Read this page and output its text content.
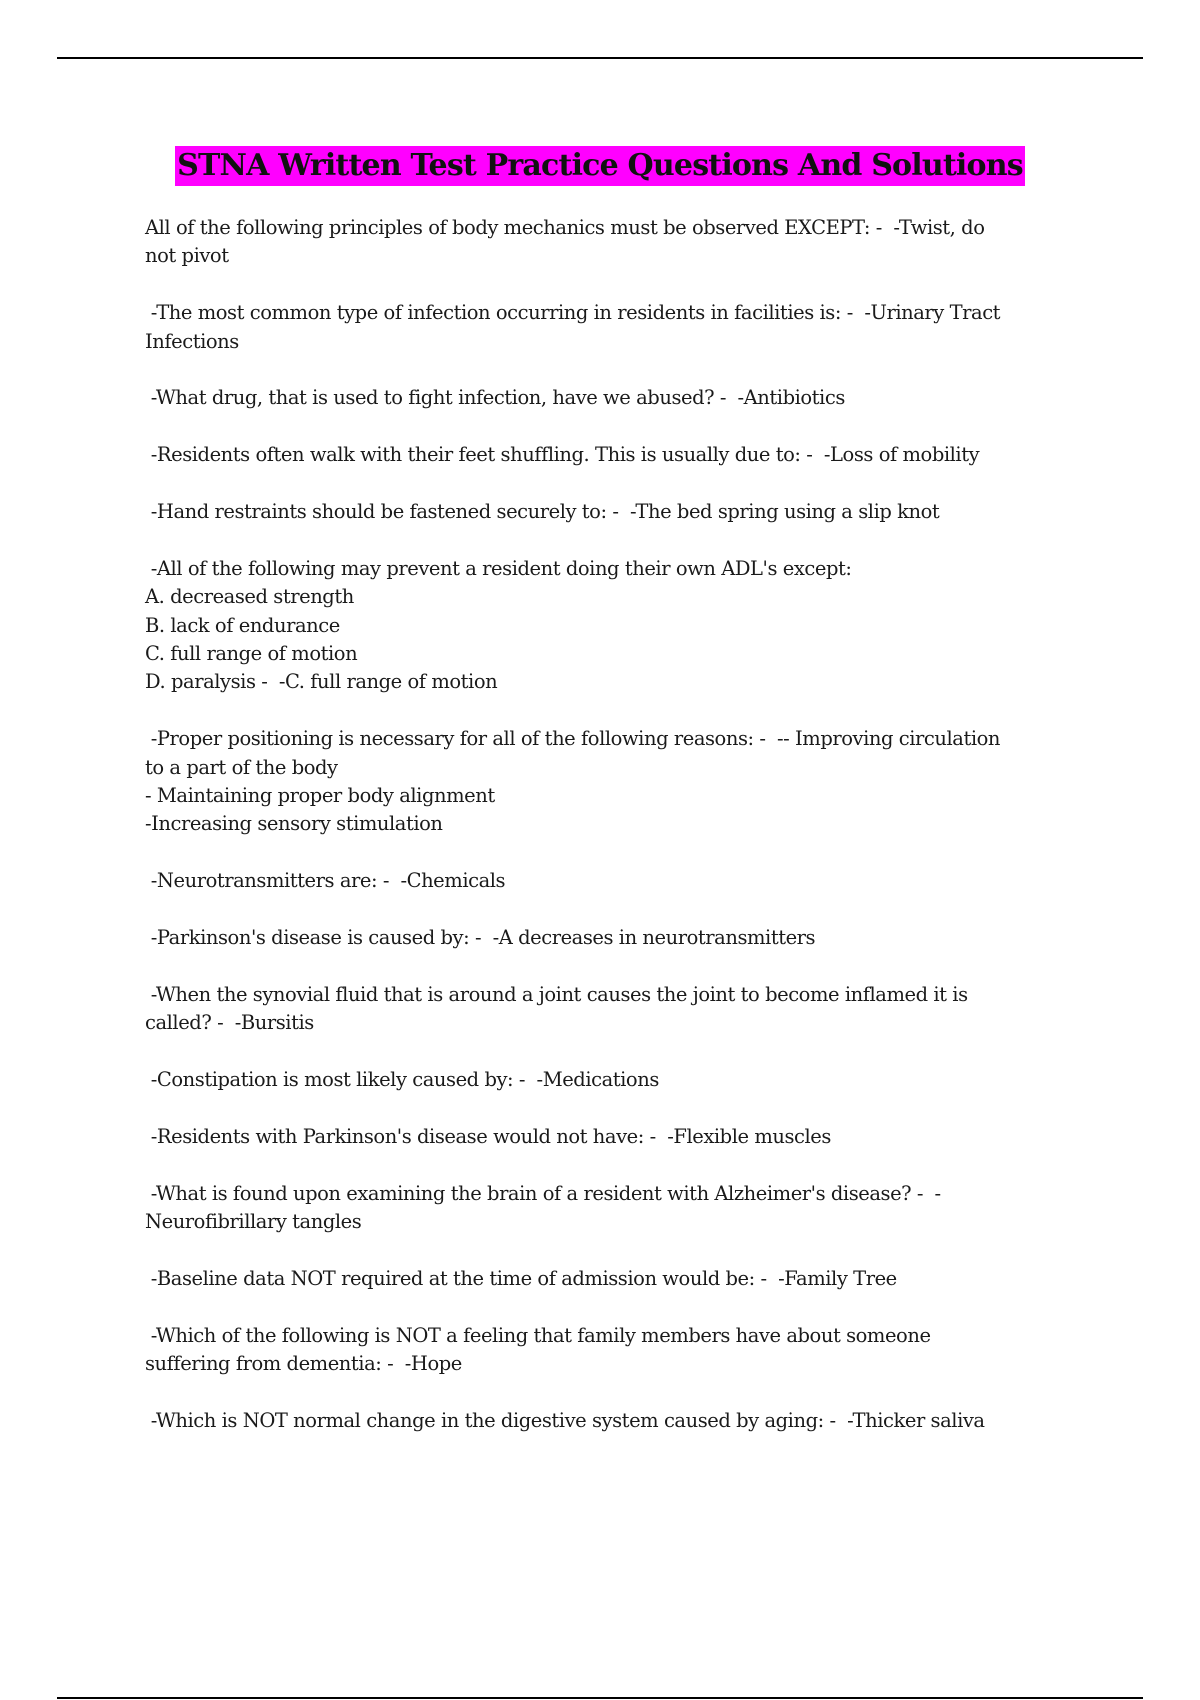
STNA Written Test Practice Questions And Solutions
All of the following principles of body mechanics must be observed EXCEPT: -  -Twist, do
not pivot
-The most common type of infection occurring in residents in facilities is: -  -Urinary Tract
Infections
-What drug, that is used to fight infection, have we abused? -  -Antibiotics
-Residents often walk with their feet shuffling. This is usually due to: -  -Loss of mobility
-Hand restraints should be fastened securely to: -  -The bed spring using a slip knot
-All of the following may prevent a resident doing their own ADL's except:
A. decreased strength
B. lack of endurance
C. full range of motion
D. paralysis -  -C. full range of motion
-Proper positioning is necessary for all of the following reasons: -  -- Improving circulation
to a part of the body
- Maintaining proper body alignment
-Increasing sensory stimulation
-Neurotransmitters are: -  -Chemicals
-Parkinson's disease is caused by: -  -A decreases in neurotransmitters
-When the synovial fluid that is around a joint causes the joint to become inflamed it is
called? -  -Bursitis
-Constipation is most likely caused by: -  -Medications
-Residents with Parkinson's disease would not have: -  -Flexible muscles
-What is found upon examining the brain of a resident with Alzheimer's disease? -  -
Neurofibrillary tangles
-Baseline data NOT required at the time of admission would be: -  -Family Tree
-Which of the following is NOT a feeling that family members have about someone
suffering from dementia: -  -Hope
-Which is NOT normal change in the digestive system caused by aging: -  -Thicker saliva
